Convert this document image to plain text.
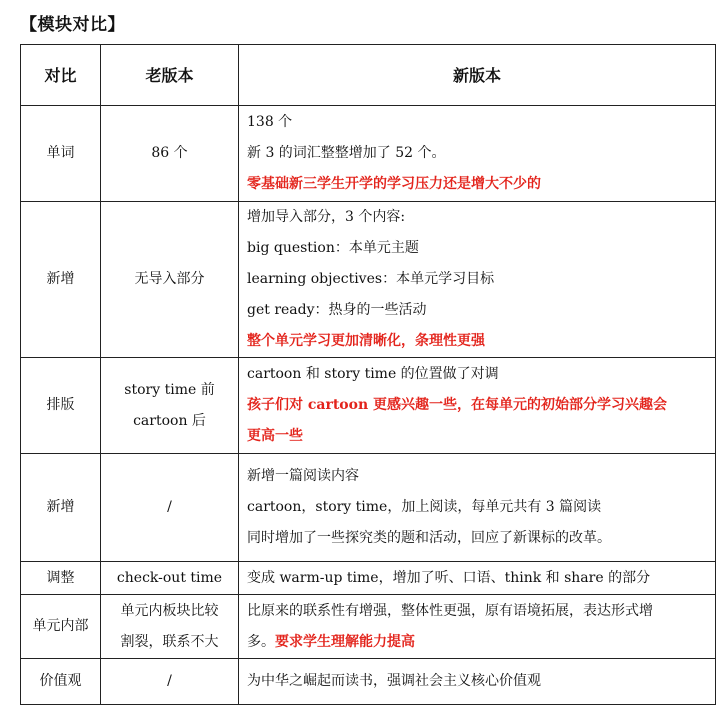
【模块对比】
对比	老版本	新版本
单词	86 个	138 个
新 3 的词汇整整增加了 52 个。
零基础新三学生开学的学习压力还是增大不少的

新增	无导入部分	增加导入部分，3 个内容:
big question：本单元主题
learning objectives：本单元学习目标
get ready：热身的一些活动
整个单元学习更加清晰化，条理性更强

排版	story time 前
cartoon 后	cartoon 和 story time 的位置做了对调
孩子们对 cartoon 更感兴趣一些，在每单元的初始部分学习兴趣会
更高一些

新增	/	新增一篇阅读内容
cartoon，story time，加上阅读，每单元共有 3 篇阅读
同时增加了一些探究类的题和活动，回应了新课标的改革。

调整	check-out time	变成 warm-up time，增加了听、口语、think 和 share 的部分

单元内部	单元内板块比较
割裂，联系不大	比原来的联系性有增强，整体性更强，原有语境拓展，表达形式增
多。要求学生理解能力提高

价值观	/	为中华之崛起而读书，强调社会主义核心价值观
